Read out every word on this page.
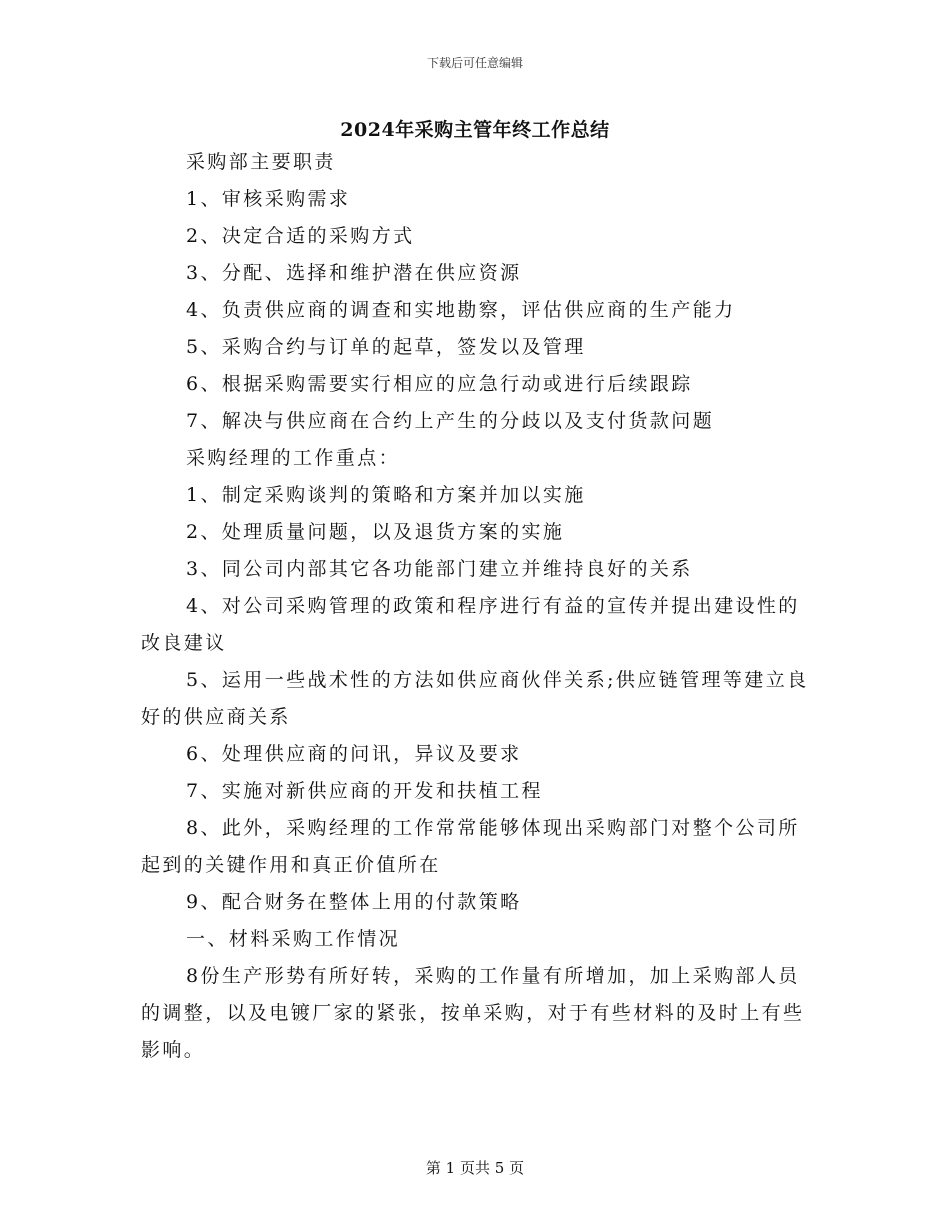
下载后可任意编辑
2024年采购主管年终工作总结

采购部主要职责

1、审核采购需求

2、决定合适的采购方式

3、分配、选择和维护潜在供应资源

4、负责供应商的调查和实地勘察，评估供应商的生产能力

5、采购合约与订单的起草，签发以及管理

6、根据采购需要实行相应的应急行动或进行后续跟踪

7、解决与供应商在合约上产生的分歧以及支付货款问题

采购经理的工作重点：

1、制定采购谈判的策略和方案并加以实施

2、处理质量问题，以及退货方案的实施

3、同公司内部其它各功能部门建立并维持良好的关系

4、对公司采购管理的政策和程序进行有益的宣传并提出建设性的改良建议

5、运用一些战术性的方法如供应商伙伴关系;供应链管理等建立良好的供应商关系

6、处理供应商的问讯，异议及要求

7、实施对新供应商的开发和扶植工程

8、此外，采购经理的工作常常能够体现出采购部门对整个公司所起到的关键作用和真正价值所在

9、配合财务在整体上用的付款策略

一、材料采购工作情况

8份生产形势有所好转，采购的工作量有所增加，加上采购部人员的调整，以及电镀厂家的紧张，按单采购，对于有些材料的及时上有些影响。

第 1 页共 5 页
